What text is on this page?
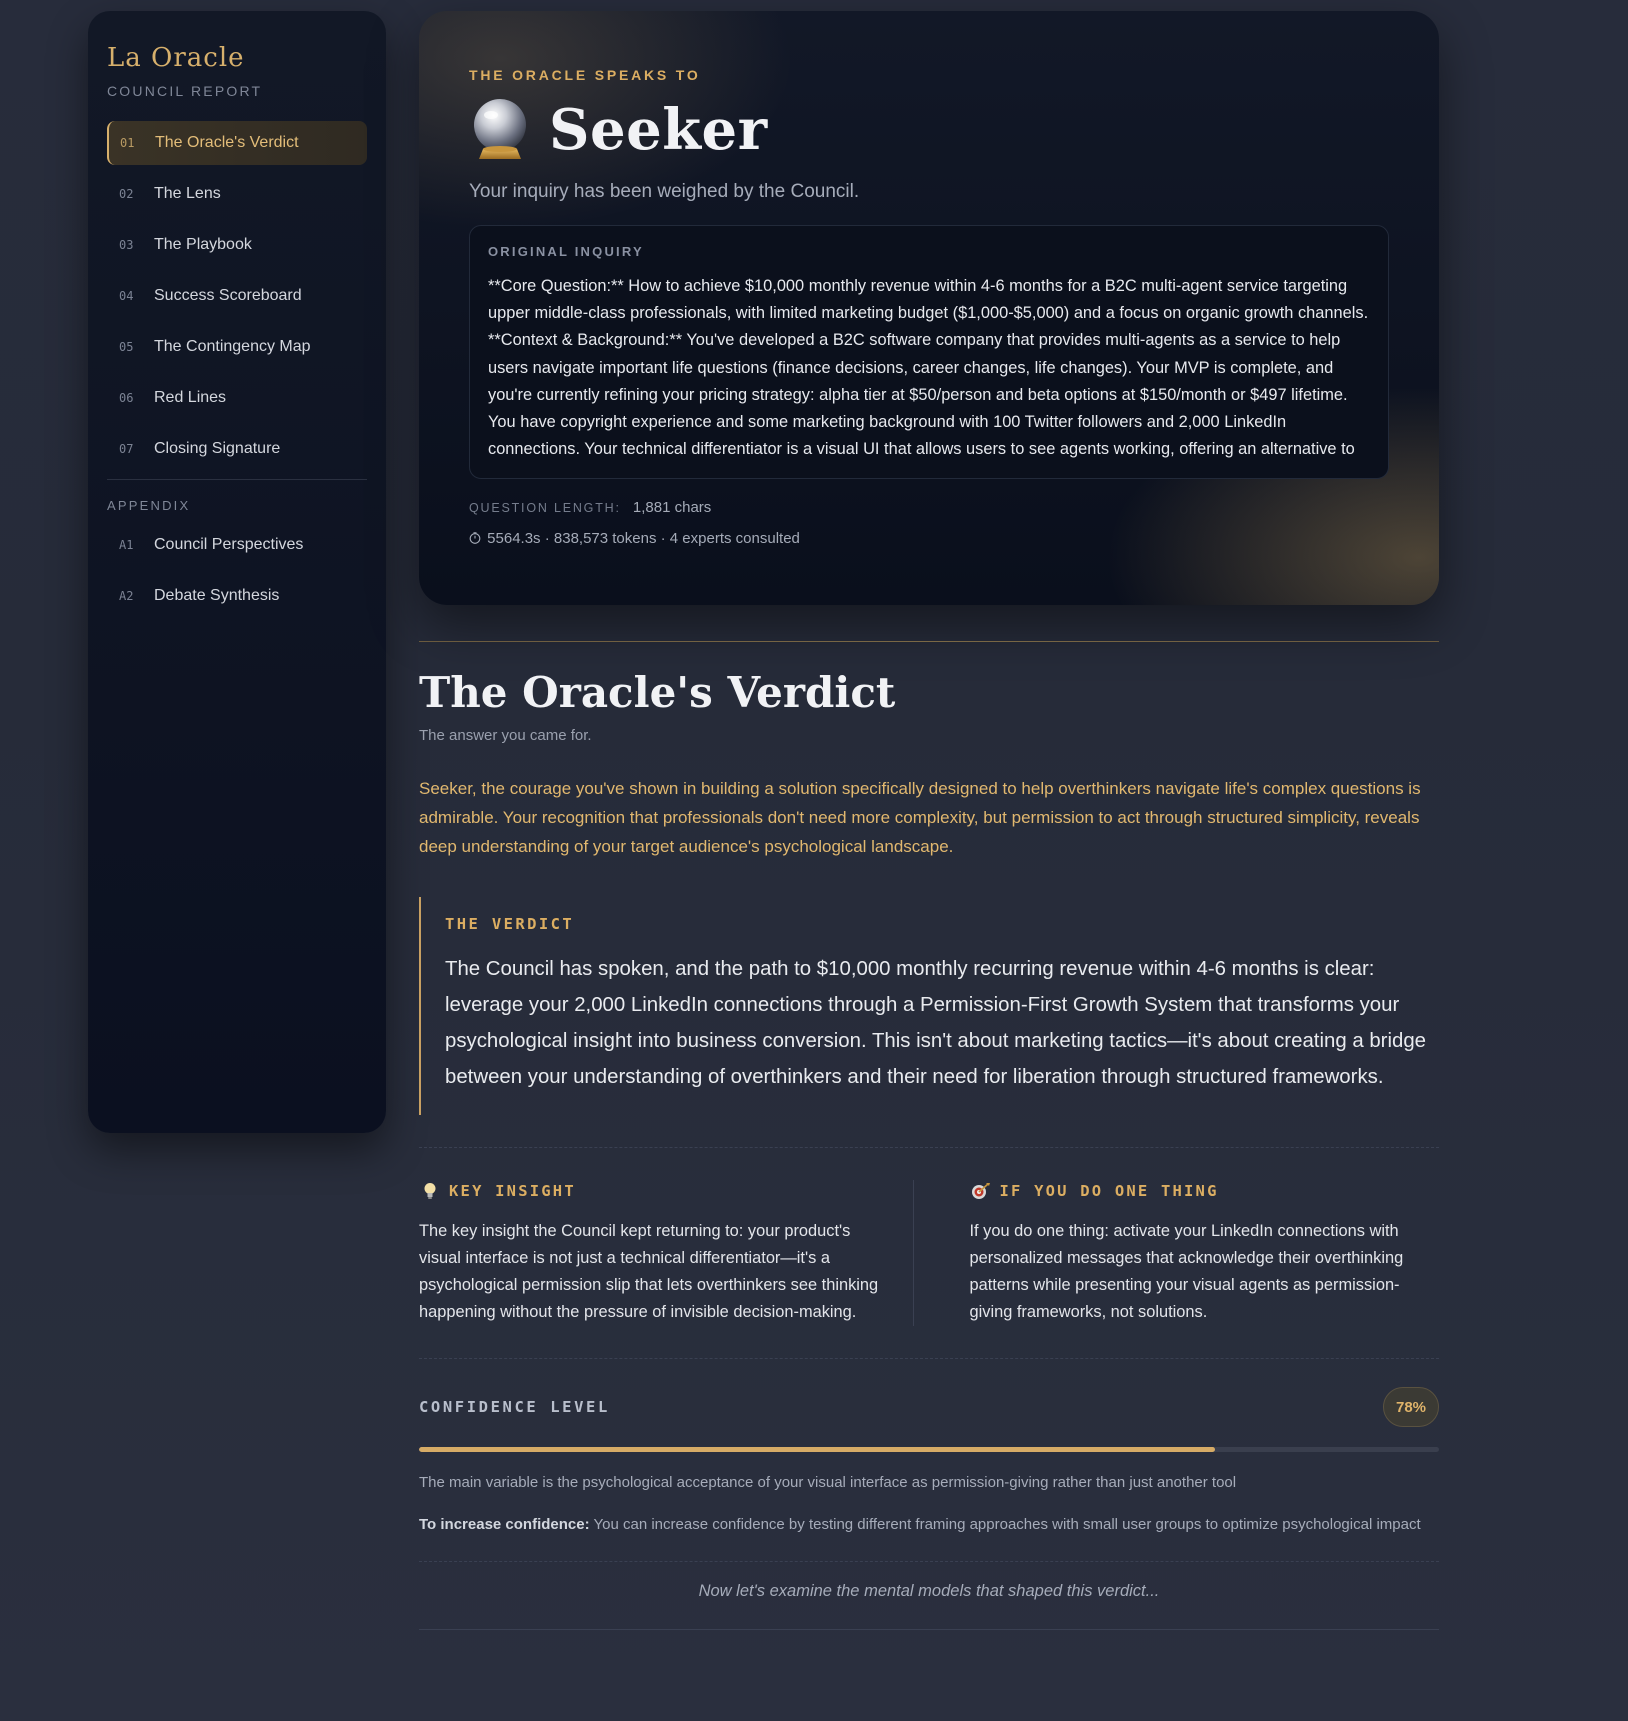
La Oracle
COUNCIL REPORT
01	The Oracle's Verdict
02	The Lens
03	The Playbook
04	Success Scoreboard
05	The Contingency Map
06	Red Lines
07	Closing Signature
APPENDIX
A1	Council Perspectives
A2	Debate Synthesis
THE ORACLE SPEAKS TO
Seeker

Your inquiry has been weighed by the Council.

ORIGINAL INQUIRY
**Core Question:** How to achieve $10,000 monthly revenue within 4-6 months for a B2C multi-agent service targeting upper middle-class professionals, with limited marketing budget ($1,000-$5,000) and a focus on organic growth channels. **Context & Background:** You've developed a B2C software company that provides multi-agents as a service to help users navigate important life questions (finance decisions, career changes, life changes). Your MVP is complete, and you're currently refining your pricing strategy: alpha tier at $50/person and beta options at $150/month or $497 lifetime. You have copyright experience and some marketing background with 100 Twitter followers and 2,000 LinkedIn connections. Your technical differentiator is a visual UI that allows users to see agents working, offering an alternative to
QUESTION LENGTH: 1,881 chars
5564.3s · 838,573 tokens · 4 experts consulted
The Oracle's Verdict

The answer you came for.

Seeker, the courage you've shown in building a solution specifically designed to help overthinkers navigate life's complex questions is admirable. Your recognition that professionals don't need more complexity, but permission to act through structured simplicity, reveals deep understanding of your target audience's psychological landscape.

THE VERDICT

The Council has spoken, and the path to $10,000 monthly recurring revenue within 4-6 months is clear: leverage your 2,000 LinkedIn connections through a Permission-First Growth System that transforms your psychological insight into business conversion. This isn't about marketing tactics—it's about creating a bridge between your understanding of overthinkers and their need for liberation through structured frameworks.

KEY INSIGHT

The key insight the Council kept returning to: your product's visual interface is not just a technical differentiator—it's a psychological permission slip that lets overthinkers see thinking happening without the pressure of invisible decision-making.

IF YOU DO ONE THING

If you do one thing: activate your LinkedIn connections with personalized messages that acknowledge their overthinking patterns while presenting your visual agents as permission-giving frameworks, not solutions.

CONFIDENCE LEVEL	78%

The main variable is the psychological acceptance of your visual interface as permission-giving rather than just another tool

To increase confidence: You can increase confidence by testing different framing approaches with small user groups to optimize psychological impact

Now let's examine the mental models that shaped this verdict...
